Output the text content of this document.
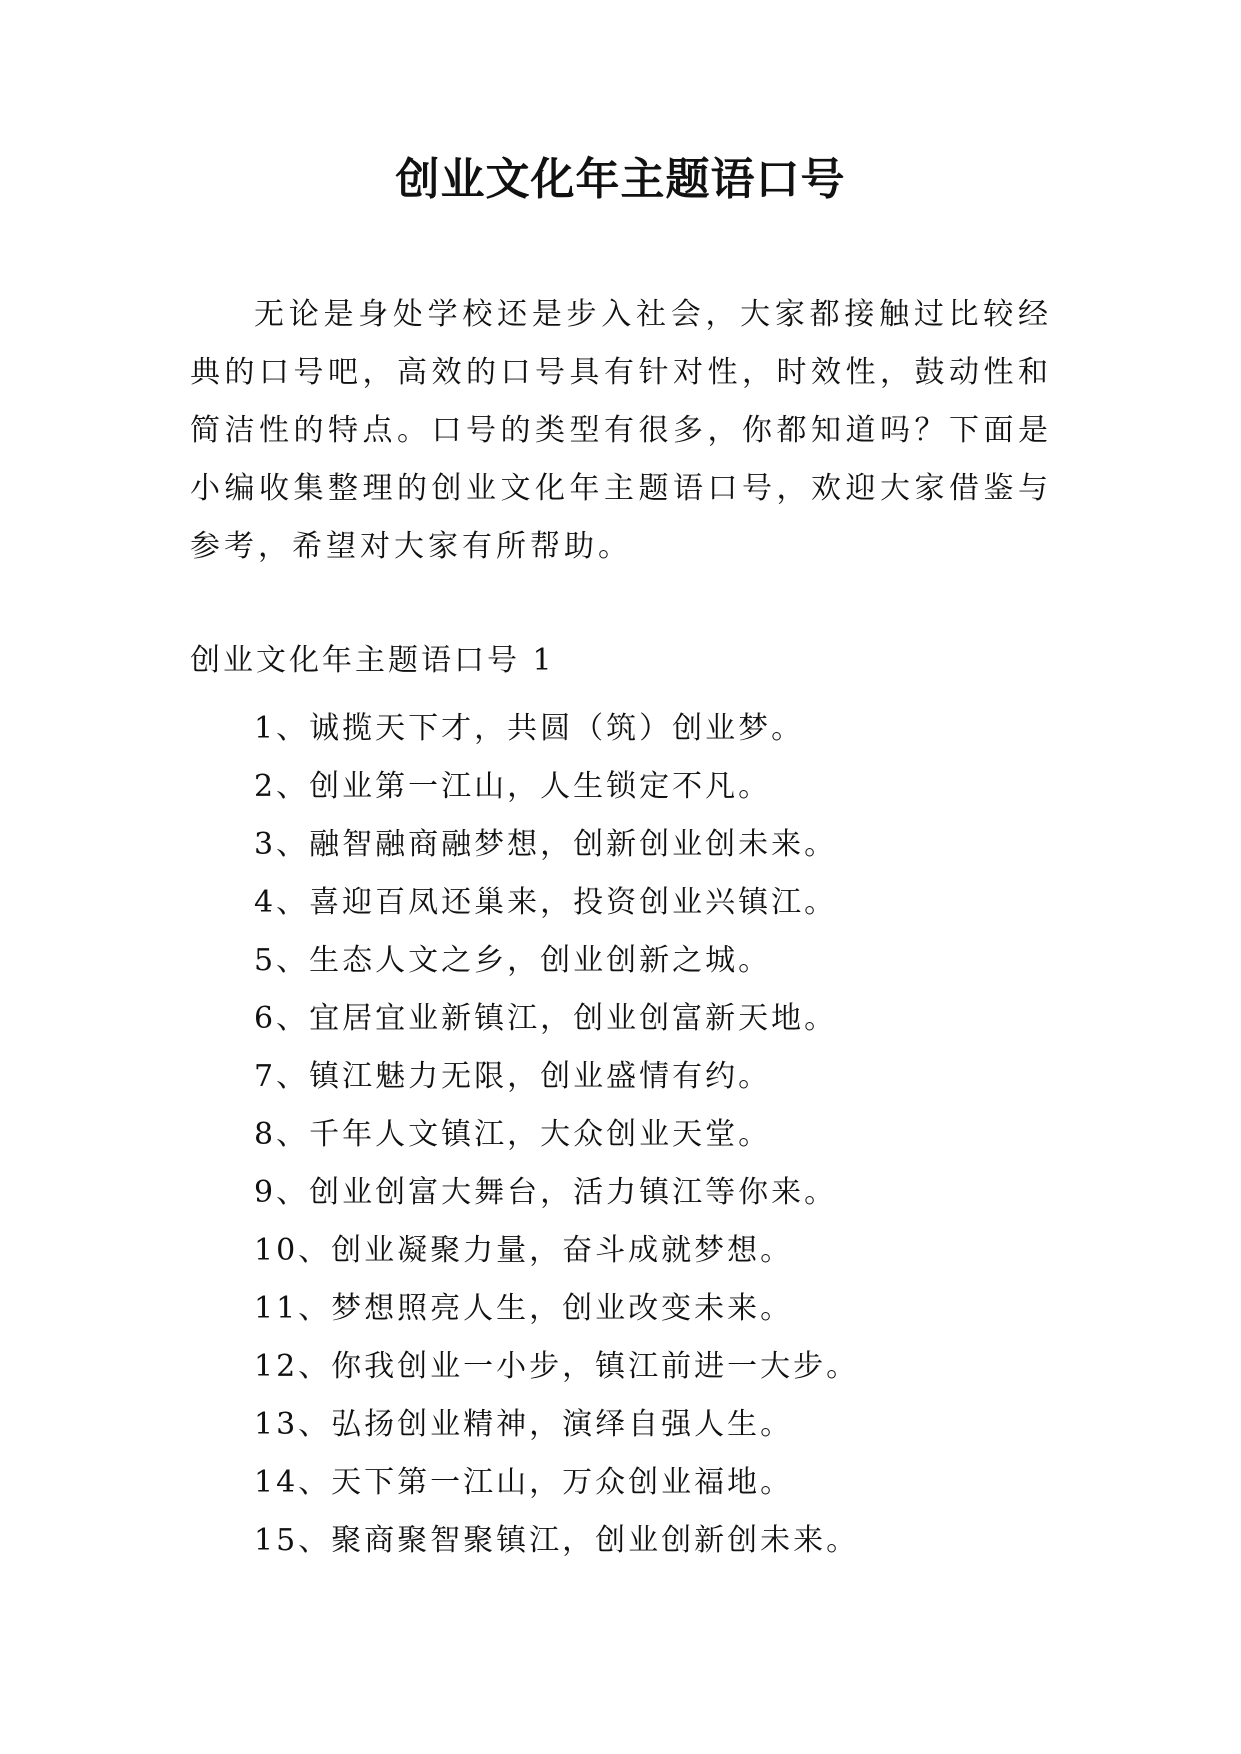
创业文化年主题语口号

无论是身处学校还是步入社会，大家都接触过比较经典的口号吧，高效的口号具有针对性，时效性，鼓动性和简洁性的特点。口号的类型有很多，你都知道吗？下面是小编收集整理的创业文化年主题语口号，欢迎大家借鉴与参考，希望对大家有所帮助。

创业文化年主题语口号 1
1、诚揽天下才，共圆（筑）创业梦。
2、创业第一江山，人生锁定不凡。
3、融智融商融梦想，创新创业创未来。
4、喜迎百凤还巢来，投资创业兴镇江。
5、生态人文之乡，创业创新之城。
6、宜居宜业新镇江，创业创富新天地。
7、镇江魅力无限，创业盛情有约。
8、千年人文镇江，大众创业天堂。
9、创业创富大舞台，活力镇江等你来。
10、创业凝聚力量，奋斗成就梦想。
11、梦想照亮人生，创业改变未来。
12、你我创业一小步，镇江前进一大步。
13、弘扬创业精神，演绎自强人生。
14、天下第一江山，万众创业福地。
15、聚商聚智聚镇江，创业创新创未来。
